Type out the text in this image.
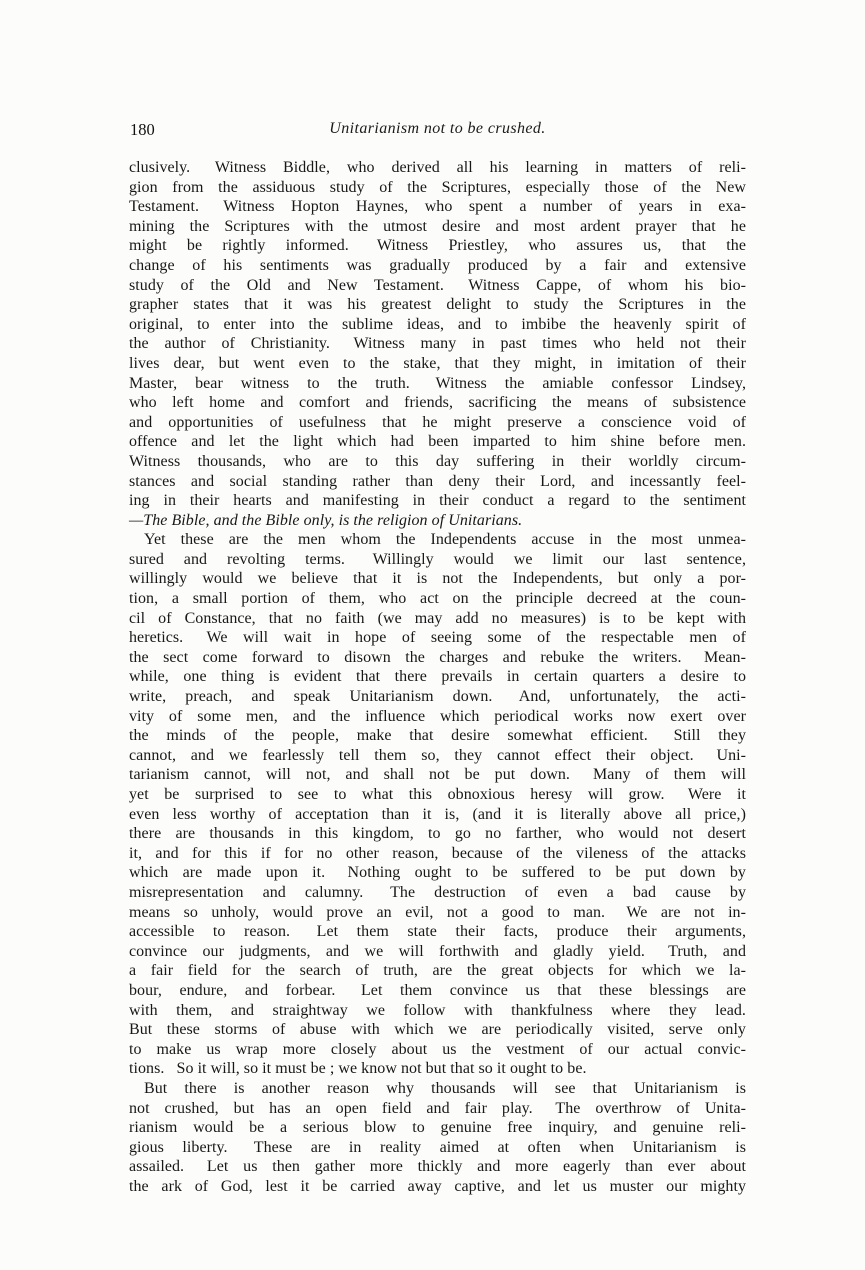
180	Unitarianism not to be crushed.
clusively.  Witness Biddle, who derived all his learning in matters of reli-
gion from the assiduous study of the Scriptures, especially those of the New
Testament.  Witness Hopton Haynes, who spent a number of years in exa-
mining the Scriptures with the utmost desire and most ardent prayer that he
might be rightly informed.  Witness Priestley, who assures us, that the
change of his sentiments was gradually produced by a fair and extensive
study of the Old and New Testament.  Witness Cappe, of whom his bio-
grapher states that it was his greatest delight to study the Scriptures in the
original, to enter into the sublime ideas, and to imbibe the heavenly spirit of
the author of Christianity.  Witness many in past times who held not their
lives dear, but went even to the stake, that they might, in imitation of their
Master, bear witness to the truth.  Witness the amiable confessor Lindsey,
who left home and comfort and friends, sacrificing the means of subsistence
and opportunities of usefulness that he might preserve a conscience void of
offence and let the light which had been imparted to him shine before men.
Witness thousands, who are to this day suffering in their worldly circum-
stances and social standing rather than deny their Lord, and incessantly feel-
ing in their hearts and manifesting in their conduct a regard to the sentiment
—The Bible, and the Bible only, is the religion of Unitarians.
Yet these are the men whom the Independents accuse in the most unmea-
sured and revolting terms.  Willingly would we limit our last sentence,
willingly would we believe that it is not the Independents, but only a por-
tion, a small portion of them, who act on the principle decreed at the coun-
cil of Constance, that no faith (we may add no measures) is to be kept with
heretics.  We will wait in hope of seeing some of the respectable men of
the sect come forward to disown the charges and rebuke the writers.  Mean-
while, one thing is evident that there prevails in certain quarters a desire to
write, preach, and speak Unitarianism down.  And, unfortunately, the acti-
vity of some men, and the influence which periodical works now exert over
the minds of the people, make that desire somewhat efficient.  Still they
cannot, and we fearlessly tell them so, they cannot effect their object.  Uni-
tarianism cannot, will not, and shall not be put down.  Many of them will
yet be surprised to see to what this obnoxious heresy will grow.  Were it
even less worthy of acceptation than it is, (and it is literally above all price,)
there are thousands in this kingdom, to go no farther, who would not desert
it, and for this if for no other reason, because of the vileness of the attacks
which are made upon it.  Nothing ought to be suffered to be put down by
misrepresentation and calumny.  The destruction of even a bad cause by
means so unholy, would prove an evil, not a good to man.  We are not in-
accessible to reason.  Let them state their facts, produce their arguments,
convince our judgments, and we will forthwith and gladly yield.  Truth, and
a fair field for the search of truth, are the great objects for which we la-
bour, endure, and forbear.  Let them convince us that these blessings are
with them, and straightway we follow with thankfulness where they lead.
But these storms of abuse with which we are periodically visited, serve only
to make us wrap more closely about us the vestment of our actual convic-
tions.  So it will, so it must be ; we know not but that so it ought to be.
But there is another reason why thousands will see that Unitarianism is
not crushed, but has an open field and fair play.  The overthrow of Unita-
rianism would be a serious blow to genuine free inquiry, and genuine reli-
gious liberty.  These are in reality aimed at often when Unitarianism is
assailed.  Let us then gather more thickly and more eagerly than ever about
the ark of God, lest it be carried away captive, and let us muster our mighty
